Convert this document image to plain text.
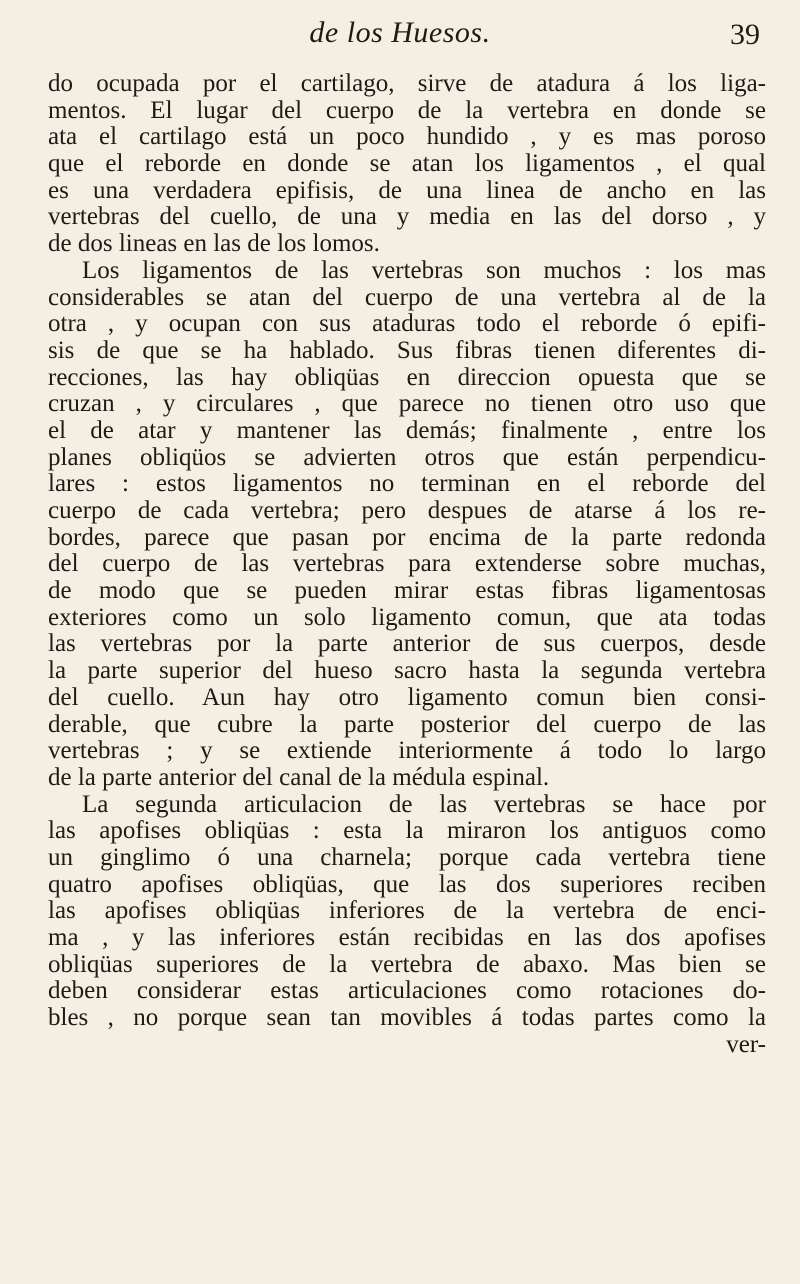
de los Huesos.	39
do ocupada por el cartilago, sirve de atadura á los liga-
mentos. El lugar del cuerpo de la vertebra en donde se
ata el cartilago está un poco hundido , y es mas poroso
que el reborde en donde se atan los ligamentos , el qual
es una verdadera epifisis, de una linea de ancho en las
vertebras del cuello, de una y media en las del dorso , y
de dos lineas en las de los lomos.
Los ligamentos de las vertebras son muchos : los mas
considerables se atan del cuerpo de una vertebra al de la
otra , y ocupan con sus ataduras todo el reborde ó epifi-
sis de que se ha hablado. Sus fibras tienen diferentes di-
recciones, las hay obliqüas en direccion opuesta que se
cruzan , y circulares , que parece no tienen otro uso que
el de atar y mantener las demás; finalmente , entre los
planes obliqüos se advierten otros que están perpendicu-
lares : estos ligamentos no terminan en el reborde del
cuerpo de cada vertebra; pero despues de atarse á los re-
bordes, parece que pasan por encima de la parte redonda
del cuerpo de las vertebras para extenderse sobre muchas,
de modo que se pueden mirar estas fibras ligamentosas
exteriores como un solo ligamento comun, que ata todas
las vertebras por la parte anterior de sus cuerpos, desde
la parte superior del hueso sacro hasta la segunda vertebra
del cuello. Aun hay otro ligamento comun bien consi-
derable, que cubre la parte posterior del cuerpo de las
vertebras ; y se extiende interiormente á todo lo largo
de la parte anterior del canal de la médula espinal.
La segunda articulacion de las vertebras se hace por
las apofises obliqüas : esta la miraron los antiguos como
un ginglimo ó una charnela; porque cada vertebra tiene
quatro apofises obliqüas, que las dos superiores reciben
las apofises obliqüas inferiores de la vertebra de enci-
ma , y las inferiores están recibidas en las dos apofises
obliqüas superiores de la vertebra de abaxo. Mas bien se
deben considerar estas articulaciones como rotaciones do-
bles , no porque sean tan movibles á todas partes como la
ver-
